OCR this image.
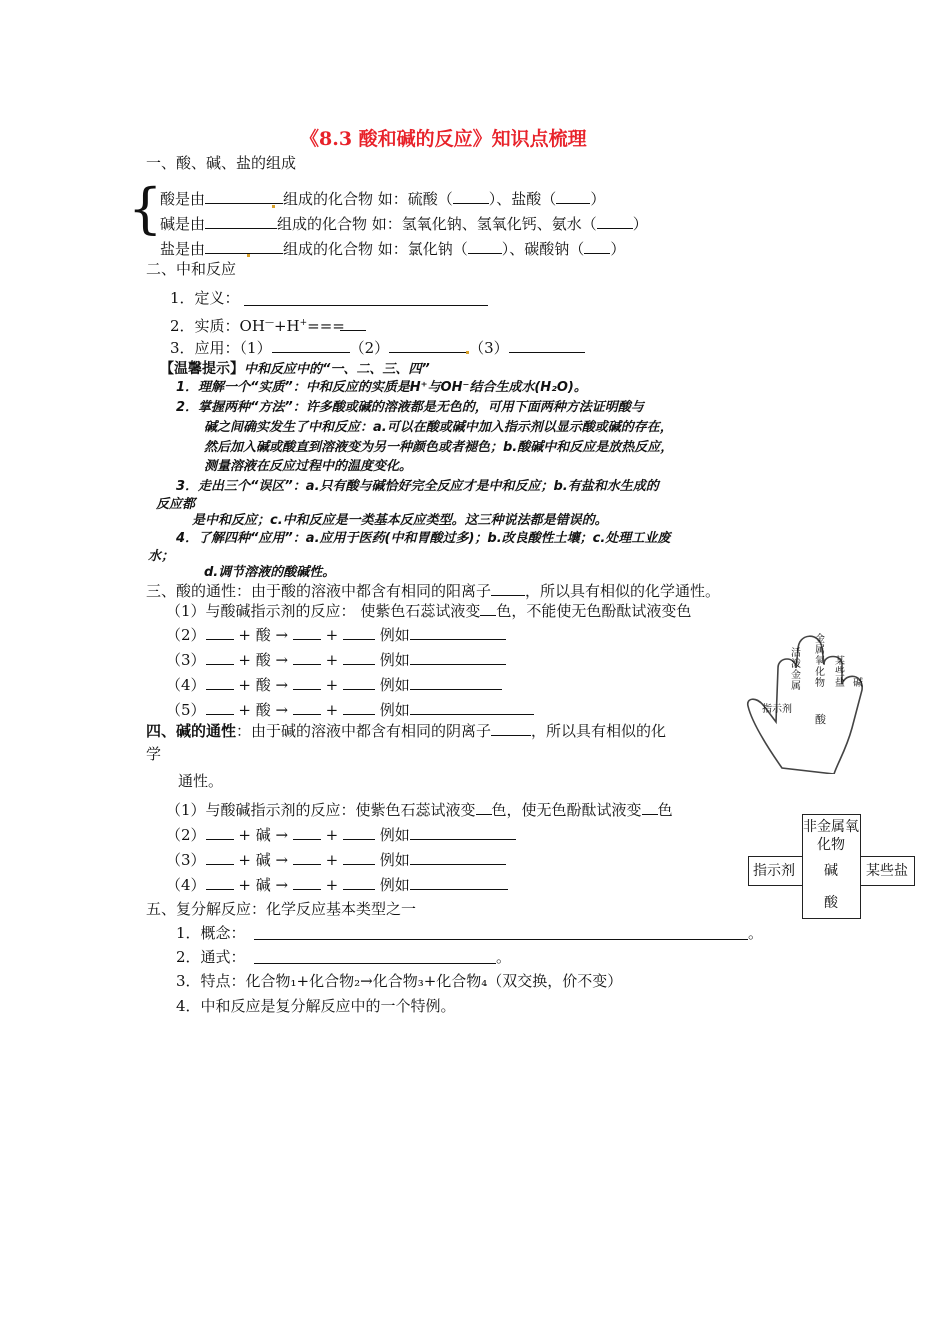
《8.3 酸和碱的反应》知识点梳理
一、酸、碱、盐的组成
{
酸是由	组成的化合物 如：硫酸（ ）、盐酸（ ）
碱是由	组成的化合物 如：氢氧化钠、氢氧化钙、氨水（ ）
盐是由	组成的化合物 如：氯化钠（ ）、碳酸钠（ ）
二、中和反应
1．定义：
2．实质：OH—+H+===
3．应用：（1）	（2）	（3）
【温馨提示】中和反应中的“一、二、三、四”
1．理解一个“实质”：中和反应的实质是H⁺与OH⁻结合生成水(H₂O)。
2．掌握两种“方法”：许多酸或碱的溶液都是无色的，可用下面两种方法证明酸与
碱之间确实发生了中和反应：a.可以在酸或碱中加入指示剂以显示酸或碱的存在，
然后加入碱或酸直到溶液变为另一种颜色或者褪色；b.酸碱中和反应是放热反应，
测量溶液在反应过程中的温度变化。
3．走出三个“误区”：a.只有酸与碱恰好完全反应才是中和反应；b.有盐和水生成的
反应都
是中和反应；c.中和反应是一类基本反应类型。这三种说法都是错误的。
4．了解四种“应用”：a.应用于医药(中和胃酸过多)；b.改良酸性土壤；c.处理工业废
水；
d.调节溶液的酸碱性。
三、酸的通性：由于酸的溶液中都含有相同的阳离子 ，所以具有相似的化学通性。
（1）与酸碱指示剂的反应： 使紫色石蕊试液变 色，不能使无色酚酞试液变色
（2） + 酸 →	+	例如
（3） + 酸 →	+	例如
（4） + 酸 →	+	例如
（5） + 酸 →	+	例如
四、碱的通性：由于碱的溶液中都含有相同的阴离子	，所以具有相似的化
学
通性。
（1）与酸碱指示剂的反应：使紫色石蕊试液变 色，使无色酚酞试液变 色
（2） + 碱 →	+	例如
（3） + 碱 →	+	例如
（4） + 碱 →	+	例如
五、复分解反应：化学反应基本类型之一
1．概念：	。
2．通式：	。
3．特点：化合物₁+化合物₂→化合物₃+化合物₄（双交换，价不变）
4．中和反应是复分解反应中的一个特例。
活泼金属
金属氧化物
某些盐 碱
指示剂
酸
非金属氧化物
指示剂	碱	某些盐
酸
